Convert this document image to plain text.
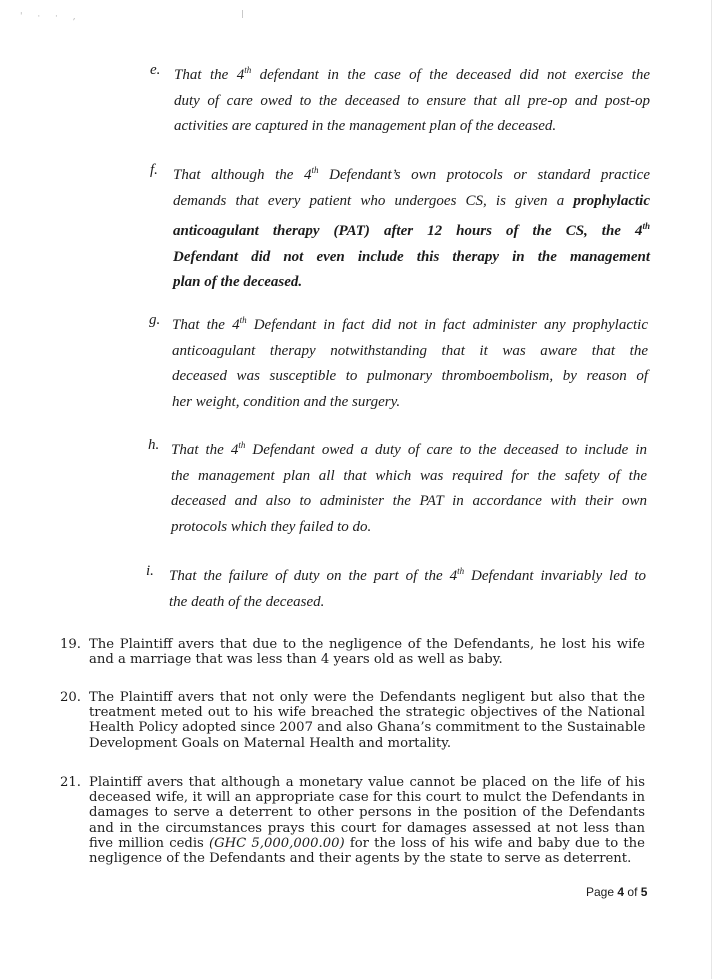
' · · ,
e. That the 4th defendant in the case of the deceased did not exercise the

duty of care owed to the deceased to ensure that all pre-op and post-op

activities are captured in the management plan of the deceased.

f.	That although the 4th Defendant’s own protocols or standard practice

demands that every patient who undergoes CS, is given a prophylactic

anticoagulant therapy (PAT) after 12 hours of the CS, the 4th

Defendant did not even include this therapy in the management

plan of the deceased.

g. That the 4th Defendant in fact did not in fact administer any prophylactic

anticoagulant therapy notwithstanding that it was aware that the

deceased was susceptible to pulmonary thromboembolism, by reason of

her weight, condition and the surgery.

h. That the 4th Defendant owed a duty of care to the deceased to include in

the management plan all that which was required for the safety of the

deceased and also to administer the PAT in accordance with their own

protocols which they failed to do.

i.	That the failure of duty on the part of the 4th Defendant invariably led to

the death of the deceased.

19. The Plaintiff avers that due to the negligence of the Defendants, he lost his wife

and a marriage that was less than 4 years old as well as baby.

20. The Plaintiff avers that not only were the Defendants negligent but also that the

treatment meted out to his wife breached the strategic objectives of the National

Health Policy adopted since 2007 and also Ghana’s commitment to the Sustainable

Development Goals on Maternal Health and mortality.

21. Plaintiff avers that although a monetary value cannot be placed on the life of his

deceased wife, it will an appropriate case for this court to mulct the Defendants in

damages to serve a deterrent to other persons in the position of the Defendants

and in the circumstances prays this court for damages assessed at not less than

five million cedis (GHC 5,000,000.00) for the loss of his wife and baby due to the

negligence of the Defendants and their agents by the state to serve as deterrent.

Page 4 of 5
